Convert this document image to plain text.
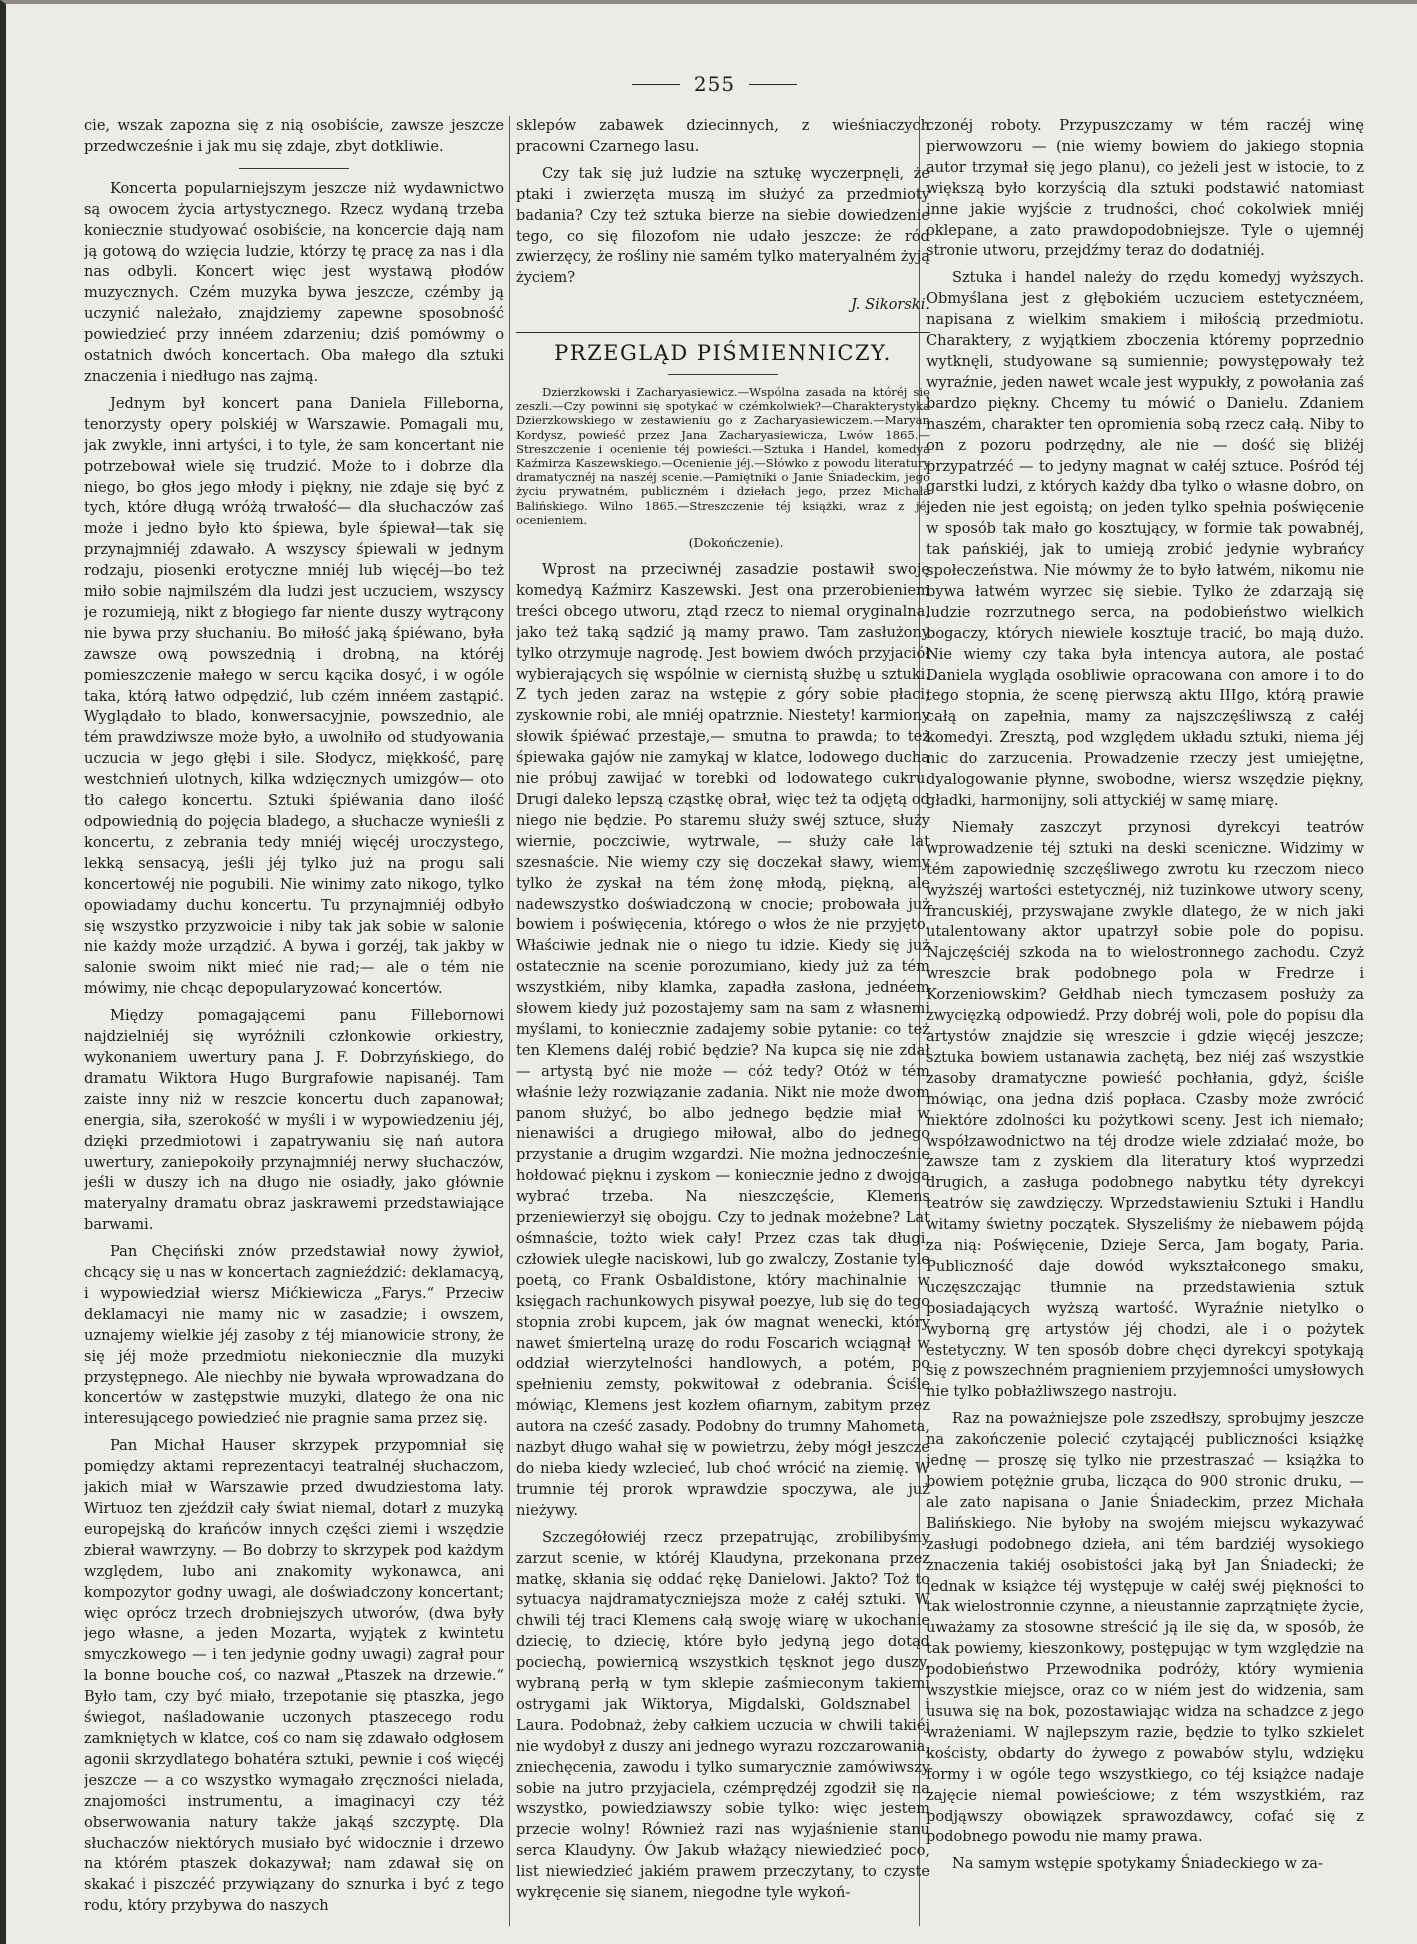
255

cie, wszak zapozna się z nią osobiście, zawsze jeszcze przedwcześnie i jak mu się zdaje, zbyt dotkliwie.

Koncerta popularniejszym jeszcze niż wydawnictwo są owocem życia artystycznego. Rzecz wydaną trzeba koniecznie studyować osobiście, na koncercie dają nam ją gotową do wzięcia ludzie, którzy tę pracę za nas i dla nas odbyli. Koncert więc jest wystawą płodów muzycznych. Czém muzyka bywa jeszcze, czémby ją uczynić należało, znajdziemy zapewne sposobność powiedzieć przy innéem zdarzeniu; dziś pomówmy o ostatnich dwóch koncertach. Oba małego dla sztuki znaczenia i niedługo nas zajmą.

Jednym był koncert pana Daniela Filleborna, tenorzysty opery polskiéj w Warszawie. Pomagali mu, jak zwykle, inni artyści, i to tyle, że sam koncertant nie potrzebował wiele się trudzić. Może to i dobrze dla niego, bo głos jego młody i piękny, nie zdaje się być z tych, które długą wróżą trwałość— dla słuchaczów zaś może i jedno było kto śpiewa, byle śpiewał—tak się przynajmniéj zdawało. A wszyscy śpiewali w jednym rodzaju, piosenki erotyczne mniéj lub więcéj—bo też miło sobie najmilszém dla ludzi jest uczuciem, wszyscy je rozumieją, nikt z błogiego far niente duszy wytrącony nie bywa przy słuchaniu. Bo miłość jaką śpiéwano, była zawsze ową powszednią i drobną, na któréj pomieszczenie małego w sercu kącika dosyć, i w ogóle taka, którą łatwo odpędzić, lub czém innéem zastąpić. Wyglądało to blado, konwersacyjnie, powszednio, ale tém prawdziwsze może było, a uwolniło od studyowania uczucia w jego głębi i sile. Słodycz, miękkość, parę westchnień ulotnych, kilka wdzięcznych umizgów— oto tło całego koncertu. Sztuki śpiéwania dano ilość odpowiednią do pojęcia bladego, a słuchacze wynieśli z koncertu, z zebrania tedy mniéj więcéj uroczystego, lekką sensacyą, jeśli jéj tylko już na progu sali koncertowéj nie pogubili. Nie winimy zato nikogo, tylko opowiadamy duchu koncertu. Tu przynajmniéj odbyło się wszystko przyzwoicie i niby tak jak sobie w salonie nie każdy może urządzić. A bywa i gorzéj, tak jakby w salonie swoim nikt mieć nie rad;— ale o tém nie mówimy, nie chcąc depopularyzować koncertów.

Między pomagającemi panu Fillebornowi najdzielniéj się wyróżnili członkowie orkiestry, wykonaniem uwertury pana J. F. Dobrzyńskiego, do dramatu Wiktora Hugo Burgrafowie napisanéj. Tam zaiste inny niż w reszcie koncertu duch zapanował; energia, siła, szerokość w myśli i w wypowiedzeniu jéj, dzięki przedmiotowi i zapatrywaniu się nań autora uwertury, zaniepokoiły przynajmniéj nerwy słuchaczów, jeśli w duszy ich na długo nie osiadły, jako głównie materyalny dramatu obraz jaskrawemi przedstawiające barwami.

Pan Chęciński znów przedstawiał nowy żywioł, chcący się u nas w koncertach zagnieździć: deklamacyą, i wypowiedział wiersz Mićkiewicza „Farys.“ Przeciw deklamacyi nie mamy nic w zasadzie; i owszem, uznajemy wielkie jéj zasoby z téj mianowicie strony, że się jéj może przedmiotu niekoniecznie dla muzyki przystępnego. Ale niechby nie bywała wprowadzana do koncertów w zastępstwie muzyki, dlatego że ona nic interesującego powiedzieć nie pragnie sama przez się.

Pan Michał Hauser skrzypek przypomniał się pomiędzy aktami reprezentacyi teatralnéj słuchaczom, jakich miał w Warszawie przed dwudziestoma laty. Wirtuoz ten zjeździł cały świat niemal, dotarł z muzyką europejską do krańców innych części ziemi i wszędzie zbierał wawrzyny. — Bo dobrzy to skrzypek pod każdym względem, lubo ani znakomity wykonawca, ani kompozytor godny uwagi, ale doświadczony koncertant; więc oprócz trzech drobniejszych utworów, (dwa były jego własne, a jeden Mozarta, wyjątek z kwintetu smyczkowego — i ten jedynie godny uwagi) zagrał pour la bonne bouche coś, co nazwał „Ptaszek na drzewie.“ Było tam, czy być miało, trzepotanie się ptaszka, jego świegot, naśladowanie uczonych ptaszecego rodu zamkniętych w klatce, coś co nam się zdawało odgłosem agonii skrzydlatego bohatéra sztuki, pewnie i coś więcéj jeszcze — a co wszystko wymagało zręczności nielada, znajomości instrumentu, a imaginacyi czy téż obserwowania natury także jakąś szczyptę. Dla słuchaczów niektórych musiało być widocznie i drzewo na którém ptaszek dokazywał; nam zdawał się on skakać i piszczéć przywiązany do sznurka i być z tego rodu, który przybywa do naszych

sklepów zabawek dziecinnych, z wieśniaczych pracowni Czarnego lasu.

Czy tak się już ludzie na sztukę wyczerpnęli, że ptaki i zwierzęta muszą im służyć za przedmioty badania? Czy też sztuka bierze na siebie dowiedzenie tego, co się filozofom nie udało jeszcze: że ród zwierzęcy, że rośliny nie samém tylko materyalném żyją życiem?

J. Sikorski.

PRZEGLĄD PIŚMIENNICZY.

Dzierzkowski i Zacharyasiewicz.—Wspólna zasada na któréj się zeszli.—Czy powinni się spotykać w czémkolwiek?—Charakterystyka Dzierzkowskiego w zestawieniu go z Zacharyasiewiczem.—Maryan Kordysz, powieść przez Jana Zacharyasiewicza, Lwów 1865.—Streszczenie i ocenienie téj powieści.—Sztuka i Handel, komedya Kaźmirza Kaszewskiego.—Ocenienie jéj.—Słówko z powodu literatury dramatycznéj na naszéj scenie.—Pamiętniki o Janie Śniadeckim, jego życiu prywatném, publiczném i dziełach jego, przez Michała Balińskiego. Wilno 1865.—Streszczenie téj książki, wraz z jéj ocenieniem.

(Dokończenie).

Wprost na przeciwnéj zasadzie postawił swoję komedyą Kaźmirz Kaszewski. Jest ona przerobieniem treści obcego utworu, ztąd rzecz to niemal oryginalna, jako też taką sądzić ją mamy prawo. Tam zasłużony tylko otrzymuje nagrodę. Jest bowiem dwóch przyjaciół wybierających się wspólnie w ciernistą służbę u sztuki. Z tych jeden zaraz na wstępie z góry sobie płaci; zyskownie robi, ale mniéj opatrznie. Niestety! karmiony słowik śpiéwać przestaje,— smutna to prawda; to też śpiewaka gajów nie zamykaj w klatce, lodowego ducha nie próbuj zawijać w torebki od lodowatego cukru. Drugi daleko lepszą cząstkę obrał, więc też ta odjętą od niego nie będzie. Po staremu służy swéj sztuce, służy wiernie, poczciwie, wytrwale, — służy całe lat szesnaście. Nie wiemy czy się doczekał sławy, wiemy tylko że zyskał na tém żonę młodą, piękną, ale nadewszystko doświadczoną w cnocie; probowała już bowiem i poświęcenia, którego o włos że nie przyjęto. Właściwie jednak nie o niego tu idzie. Kiedy się już ostatecznie na scenie porozumiano, kiedy już za tém wszystkiém, niby klamka, zapadła zasłona, jednéem słowem kiedy już pozostajemy sam na sam z własnemi myślami, to koniecznie zadajemy sobie pytanie: co też ten Klemens daléj robić będzie? Na kupca się nie zdał — artystą być nie może — cóż tedy? Otóż w tém właśnie leży rozwiązanie zadania. Nikt nie może dwom panom służyć, bo albo jednego będzie miał w nienawiści a drugiego miłował, albo do jednego przystanie a drugim wzgardzi. Nie można jednocześnie hołdować pięknu i zyskom — koniecznie jedno z dwojga wybrać trzeba. Na nieszczęście, Klemens przeniewierzył się obojgu. Czy to jednak możebne? Lat ośmnaście, tożto wiek cały! Przez czas tak długi, człowiek uległe naciskowi, lub go zwalczy, Zostanie tyle poetą, co Frank Osbaldistone, który machinalnie w księgach rachunkowych pisywał poezye, lub się do tego stopnia zrobi kupcem, jak ów magnat wenecki, który nawet śmiertelną urazę do rodu Foscarich wciągnął w oddział wierzytelności handlowych, a potém, po spełnieniu zemsty, pokwitował z odebrania. Ściśle mówiąc, Klemens jest kozłem ofiarnym, zabitym przez autora na cześć zasady. Podobny do trumny Mahometa, nazbyt długo wahał się w powietrzu, żeby mógł jeszcze do nieba kiedy wzlecieć, lub choć wrócić na ziemię. W trumnie téj prorok wprawdzie spoczywa, ale już nieżywy.

Szczegółowiéj rzecz przepatrując, zrobilibyśmy zarzut scenie, w któréj Klaudyna, przekonana przez matkę, skłania się oddać rękę Danielowi. Jakto? Toż to sytuacya najdramatyczniejsza może z całéj sztuki. W chwili téj traci Klemens całą swoję wiarę w ukochanie dziecię, to dziecię, które było jedyną jego dotąd pociechą, powiernicą wszystkich tęsknot jego duszy, wybraną perłą w tym sklepie zaśmieconym takiemi ostrygami jak Wiktorya, Migdalski, Goldsznabel i Laura. Podobnaż, żeby całkiem uczucia w chwili takiéj nie wydobył z duszy ani jednego wyrazu rozczarowania, zniechęcenia, zawodu i tylko sumarycznie zamówiwszy sobie na jutro przyjaciela, czémprędzéj zgodził się na wszystko, powiedziawszy sobie tylko: więc jestem przecie wolny! Również razi nas wyjaśnienie stanu serca Klaudyny. Ów Jakub włażący niewiedzieć poco, list niewiedzieć jakiém prawem przeczytany, to czyste wykręcenie się sianem, niegodne tyle wykoń-

czonéj roboty. Przypuszczamy w tém raczéj winę pierwowzoru — (nie wiemy bowiem do jakiego stopnia autor trzymał się jego planu), co jeżeli jest w istocie, to z większą było korzyścią dla sztuki podstawić natomiast inne jakie wyjście z trudności, choć cokolwiek mniéj oklepane, a zato prawdopodobniejsze. Tyle o ujemnéj stronie utworu, przejdźmy teraz do dodatniéj.

Sztuka i handel należy do rzędu komedyj wyższych. Obmyślana jest z głębokiém uczuciem estetycznéem, napisana z wielkim smakiem i miłością przedmiotu. Charaktery, z wyjątkiem zboczenia któremy poprzednio wytknęli, studyowane są sumiennie; powystępowały też wyraźnie, jeden nawet wcale jest wypukły, z powołania zaś bardzo piękny. Chcemy tu mówić o Danielu. Zdaniem naszém, charakter ten opromienia sobą rzecz całą. Niby to on z pozoru podrzędny, ale nie — dość się bliżéj przypatrzéć — to jedyny magnat w całéj sztuce. Pośród téj garstki ludzi, z których każdy dba tylko o własne dobro, on jeden nie jest egoistą; on jeden tylko spełnia poświęcenie w sposób tak mało go kosztujący, w formie tak powabnéj, tak pańskiéj, jak to umieją zrobić jedynie wybrańcy społeczeństwa. Nie mówmy że to było łatwém, nikomu nie bywa łatwém wyrzec się siebie. Tylko że zdarzają się ludzie rozrzutnego serca, na podobieństwo wielkich bogaczy, których niewiele kosztuje tracić, bo mają dużo. Nie wiemy czy taka była intencya autora, ale postać Daniela wygląda osobliwie opracowana con amore i to do tego stopnia, że scenę pierwszą aktu IIIgo, którą prawie całą on zapełnia, mamy za najszczęśliwszą z całéj komedyi. Zresztą, pod względem układu sztuki, niema jéj nic do zarzucenia. Prowadzenie rzeczy jest umiejętne, dyalogowanie płynne, swobodne, wiersz wszędzie piękny, gładki, harmonijny, soli attyckiéj w samę miarę.

Niemały zaszczyt przynosi dyrekcyi teatrów wprowadzenie téj sztuki na deski sceniczne. Widzimy w tém zapowiednię szczęśliwego zwrotu ku rzeczom niеco wyższéj wartości estetycznéj, niż tuzinkowe utwory sceny, francuskiéj, przyswajane zwykle dlatego, że w nich jaki utalentowany aktor upatrzył sobie pole do popisu. Najczęściéj szkoda na to wielostronnego zachodu. Czyż wreszcie brak podobnego pola w Fredrze i Korzeniowskim? Gełdhab niech tymczasem posłuży za zwycięzką odpowiedź. Przy dobréj woli, pole do popisu dla artystów znajdzie się wreszcie i gdzie więcéj jeszcze; sztuka bowiem ustanawia zachętą, bez niéj zaś wszystkie zasoby dramatyczne powieść pochłania, gdyż, ściśle mówiąc, ona jedna dziś popłaca. Czasby może zwrócić niektóre zdolności ku pożytkowi sceny. Jest ich niemało; współzawodnictwo na téj drodze wiele zdziałać może, bo zawsze tam z zyskiem dla literatury ktoś wyprzedzi drugich, a zasługa podobnego nabytku téty dyrekcyi teatrów się zawdzięczy. Wprzedstawieniu Sztuki i Handlu witamy świetny początek. Słyszeliśmy że niebawem pójdą za nią: Poświęcenie, Dzieje Serca, Jam bogaty, Paria. Publiczność daje dowód wykształconego smaku, uczęszczając tłumnie na przedstawienia sztuk posiadających wyższą wartość. Wyraźnie nietylko o wyborną grę artystów jéj chodzi, ale i o pożytek estetyczny. W ten sposób dobre chęci dyrekcyi spotykają się z powszechném pragnieniem przyjemności umysłowych nie tylko pobłażliwszego nastroju.

Raz na poważniejsze pole zszedłszy, sprobujmy jeszcze na zakończenie polecić czytającéj publiczności książkę jednę — proszę się tylko nie przestraszać — książka to bowiem potężnie gruba, licząca do 900 stronic druku, — ale zato napisana o Janie Śniadeckim, przez Michała Balińskiego. Nie byłoby na swojém miejscu wykazywać zasługi podobnego dzieła, ani tém bardziéj wysokiego znaczenia takiéj osobistości jaką był Jan Śniadecki; że jednak w książce téj występuje w całéj swéj piękności to tak wielostronnie czynne, a nieustannie zaprzątnięte życie, uważamy za stosowne streścić ją ile się da, w sposób, że tak powiemy, kieszonkowy, postępując w tym względzie na podobieństwo Przewodnika podróży, który wymienia wszystkie miejsce, oraz co w niém jest do widzenia, sam usuwa się na bok, pozostawiając widza na schadzce z jego wrażeniami. W najlepszym razie, będzie to tylko szkielet kościsty, obdarty do żywego z powabów stylu, wdzięku formy i w ogóle tego wszystkiego, co téj książce nadaje zajęcie niemal powieściowe; z tém wszystkiém, raz podjąwszy obowiązek sprawozdawcy, cofać się z podobnego powodu nie mamy prawa.

Na samym wstępie spotykamy Śniadeckiego w za-
